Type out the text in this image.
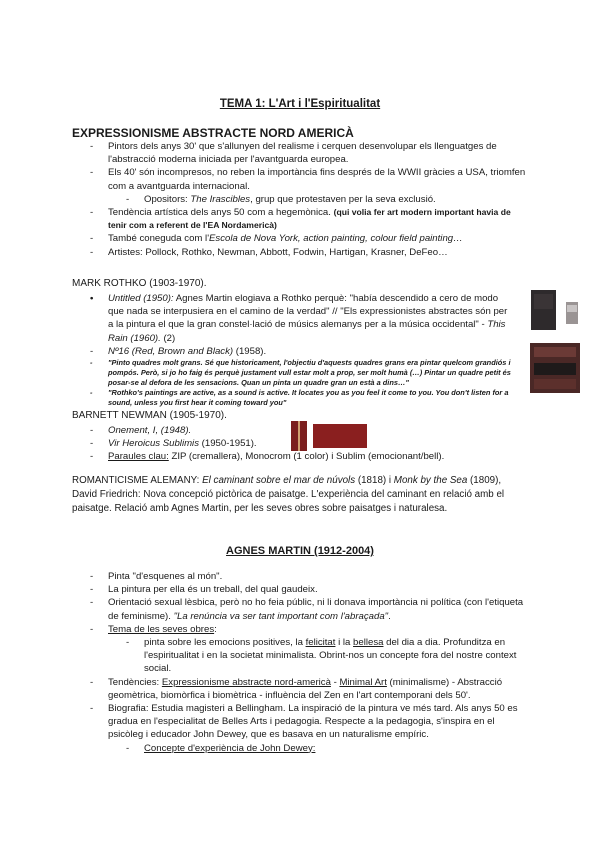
TEMA 1: L'Art i l'Espiritualitat
EXPRESSIONISME ABSTRACTE NORD AMERICÀ
- Pintors dels anys 30' que s'allunyen del realisme i cerquen desenvolupar els llenguatges de l'abstracció moderna iniciada per l'avantguarda europea.
- Els 40' són incompresos, no reben la importància fins després de la WWII gràcies a USA, triomfen com a avantguarda internacional.
- Opositors: The Irascibles, grup que protestaven per la seva exclusió.
- Tendència artística dels anys 50 com a hegemònica. (qui volia fer art modern important havia de tenir com a referent de l'EA Nordamericà)
- També coneguda com l'Escola de Nova York, action painting, colour field painting…
- Artistes: Pollock, Rothko, Newman, Abbott, Fodwin, Hartigan, Krasner, DeFeo…
MARK ROTHKO (1903-1970).
• Untitled (1950): Agnes Martin elogiava a Rothko perquè: "había descendido a cero de modo que nada se interpusiera en el camino de la verdad" // "Els expressionistes abstractes són per a la pintura el que la gran constel·lació de músics alemanys per a la música occidental" - This Rain (1960). (2)
- Nº16 (Red, Brown and Black) (1958).
- "Pinto quadres molt grans. Sé que historicament, l'objectiu d'aquests quadres grans era pintar quelcom grandiós i pompós. Però, si jo ho faig és perquè justament vull estar molt a prop, ser molt humà (…) Pintar un quadre petit és posar-se al defora de les sensacions. Quan un pinta un quadre gran un està a dins…"
- "Rothko's paintings are active, as a sound is active. It locates you as you feel it come to you. You don't listen for a sound, unless you first hear it coming toward you"
BARNETT NEWMAN (1905-1970).
- Onement, I, (1948).
- Vir Heroicus Sublimis (1950-1951).
- Paraules clau: ZIP (cremallera), Monocrom (1 color) i Sublim (emocionant/bell).
ROMANTICISME ALEMANY: El caminant sobre el mar de núvols (1818) i Monk by the Sea (1809), David Friedrich: Nova concepció pictòrica de paisatge. L'experiència del caminant en relació amb el paisatge. Relació amb Agnes Martin, per les seves obres sobre paisatges i naturalesa.
AGNES MARTIN (1912-2004)
- Pinta "d'esquenes al món".
- La pintura per ella és un treball, del qual gaudeix.
- Orientació sexual lèsbica, però no ho feia públic, ni li donava importància ni política (con l'etiqueta de feminisme). "La renúncia va ser tant important com l'abraçada".
- Tema de les seves obres:
- pinta sobre les emocions positives, la felicitat i la bellesa del dia a dia. Profunditza en l'espiritualitat i en la societat minimalista. Obrint-nos un concepte fora del nostre context social.
- Tendències: Expressionisme abstracte nord-americà - Minimal Art (minimalisme) - Abstracció geomètrica, biomòrfica i biomètrica - influència del Zen en l'art contemporani dels 50'.
- Biografia: Estudia magisteri a Bellingham. La inspiració de la pintura ve més tard. Als anys 50 es gradua en l'especialitat de Belles Arts i pedagogia. Respecte a la pedagogia, s'inspira en el psicòleg i educador John Dewey, que es basava en un naturalisme empíric.
- Concepte d'experiència de John Dewey:
